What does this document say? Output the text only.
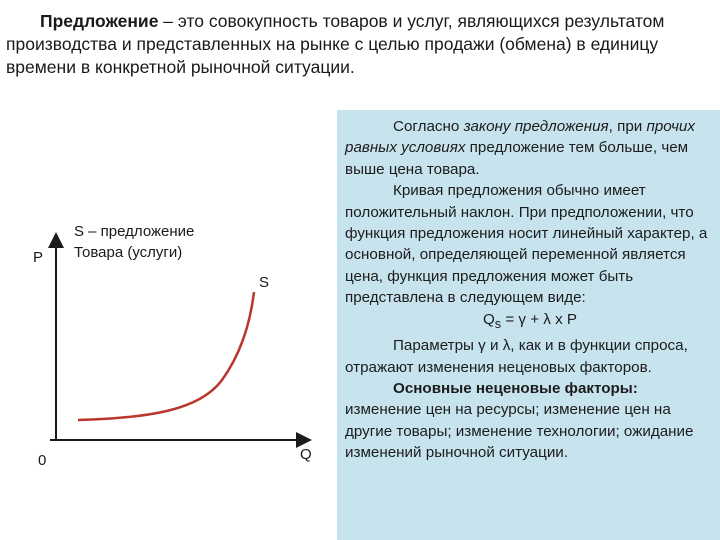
Предложение – это совокупность товаров и услуг, являющихся результатом производства и представленных на рынке с целью продажи (обмена) в единицу времени в конкретной рыночной ситуации.

P
Q
0
S
S – предложение
Товара (услуги)

Согласно закону предложения, при прочих равных условиях предложение тем больше, чем выше цена товара.

Кривая предложения обычно имеет положительный наклон. При предположении, что функция предложения носит линейный характер, а основной, определяющей переменной является цена, функция предложения может быть представлена в следующем виде:

$Q_s = \gamma + \lambda$ x P

Параметры γ и λ, как и в функции спроса, отражают изменения неценовых факторов.

Основные неценовые факторы:

изменение цен на ресурсы; изменение цен на другие товары; изменение технологии; ожидание изменений рыночной ситуации.
